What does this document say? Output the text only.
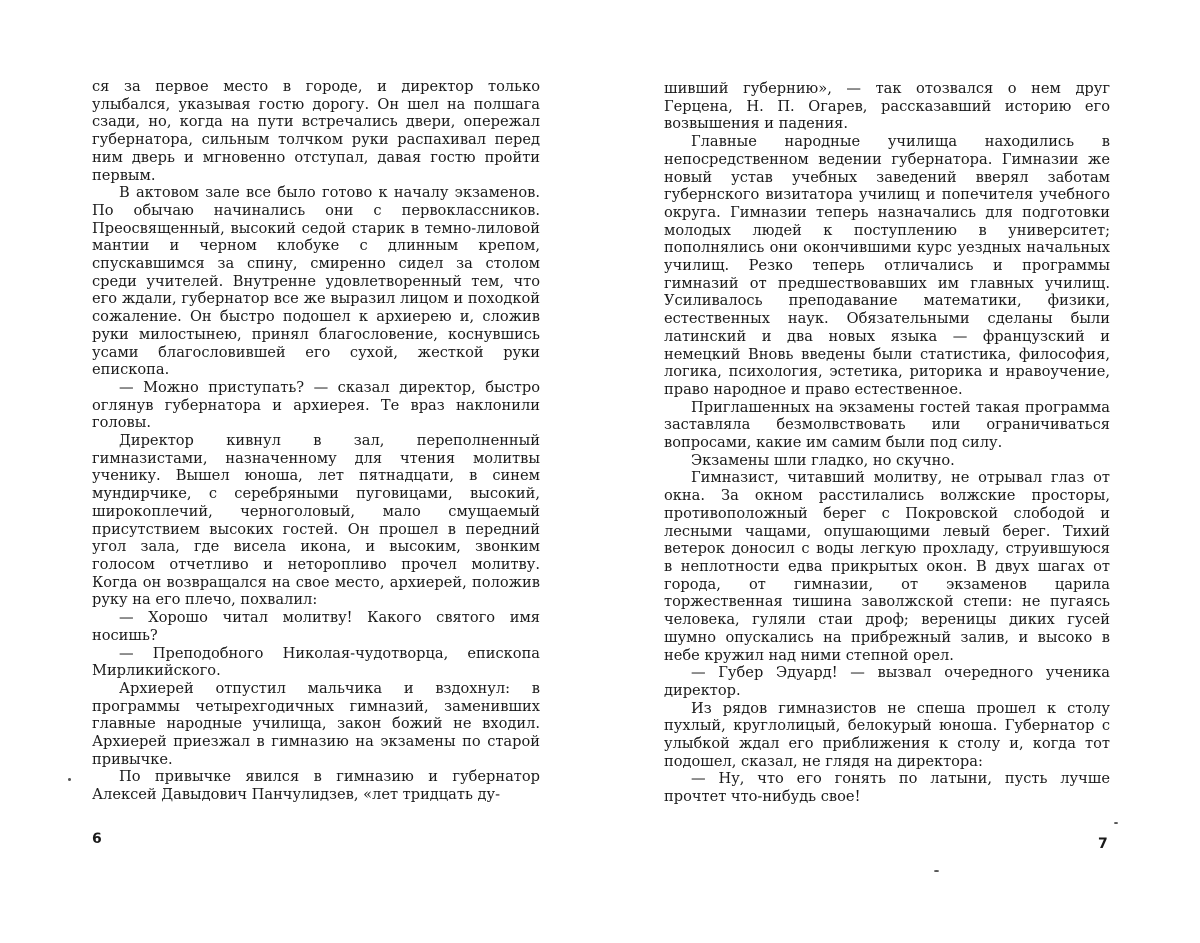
ся за первое место в городе, и директор только улыбался, указывая гостю дорогу. Он шел на полшага сзади, но, когда на пути встречались двери, опережал губернатора, сильным толчком руки распахивал перед ним дверь и мгновенно отступал, давая гостю пройти первым.

В актовом зале все было готово к началу экзаменов. По обычаю начинались они с первоклассников. Преосвященный, высокий седой старик в темно-лиловой мантии и черном клобуке с длинным крепом, спускавшимся за спину, смиренно сидел за столом среди учителей. Внутренне удовлетворенный тем, что его ждали, губернатор все же выразил лицом и походкой сожаление. Он быстро подошел к архиерею и, сложив руки милостынею, принял благословение, коснувшись усами благословившей его сухой, жесткой руки епископа.

— Можно приступать? — сказал директор, быстро оглянув губернатора и архиерея. Те враз наклонили головы.

Директор кивнул в зал, переполненный гимназистами, назначенному для чтения молитвы ученику. Вышел юноша, лет пятнадцати, в синем мундирчике, с серебряными пуговицами, высокий, широкоплечий, черноголовый, мало смущаемый присутствием высоких гостей. Он прошел в передний угол зала, где висела икона, и высоким, звонким голосом отчетливо и неторопливо прочел молитву. Когда он возвращался на свое место, архиерей, положив руку на его плечо, похвалил:

— Хорошо читал молитву! Какого святого имя носишь?

— Преподобного Николая-чудотворца, епископа Мирликийского.

Архиерей отпустил мальчика и вздохнул: в программы четырехгодичных гимназий, заменивших главные народные училища, закон божий не входил. Архиерей приезжал в гимназию на экзамены по старой привычке.

По привычке явился в гимназию и губернатор Алексей Давыдович Панчулидзев, «лет тридцать ду-

шивший губернию», — так отозвался о нем друг Герцена, Н. П. Огарев, рассказавший историю его возвышения и падения.

Главные народные училища находились в непосредственном ведении губернатора. Гимназии же новый устав учебных заведений вверял заботам губернского визитатора училищ и попечителя учебного округа. Гимназии теперь назначались для подготовки молодых людей к поступлению в университет; пополнялись они окончившими курс уездных начальных училищ. Резко теперь отличались и программы гимназий от предшествовавших им главных училищ. Усиливалось преподавание математики, физики, естественных наук. Обязательными сделаны были латинский и два новых языка — французский и немецкий Вновь введены были статистика, философия, логика, психология, эстетика, риторика и нравоучение, право народное и право естественное.

Приглашенных на экзамены гостей такая программа заставляла безмолвствовать или ограничиваться вопросами, какие им самим были под силу.

Экзамены шли гладко, но скучно.

Гимназист, читавший молитву, не отрывал глаз от окна. За окном расстилались волжские просторы, противоположный берег с Покровской слободой и лесными чащами, опушающими левый берег. Тихий ветерок доносил с воды легкую прохладу, струившуюся в неплотности едва прикрытых окон. В двух шагах от города, от гимназии, от экзаменов царила торжественная тишина заволжской степи: не пугаясь человека, гуляли стаи дроф; вереницы диких гусей шумно опускались на прибрежный залив, и высоко в небе кружил над ними степной орел.

— Губер Эдуард! — вызвал очередного ученика директор.

Из рядов гимназистов не спеша прошел к столу пухлый, круглолицый, белокурый юноша. Губернатор с улыбкой ждал его приближения к столу и, когда тот подошел, сказал, не глядя на директора:

— Ну, что его гонять по латыни, пусть лучше прочтет что-нибудь свое!

6	7
